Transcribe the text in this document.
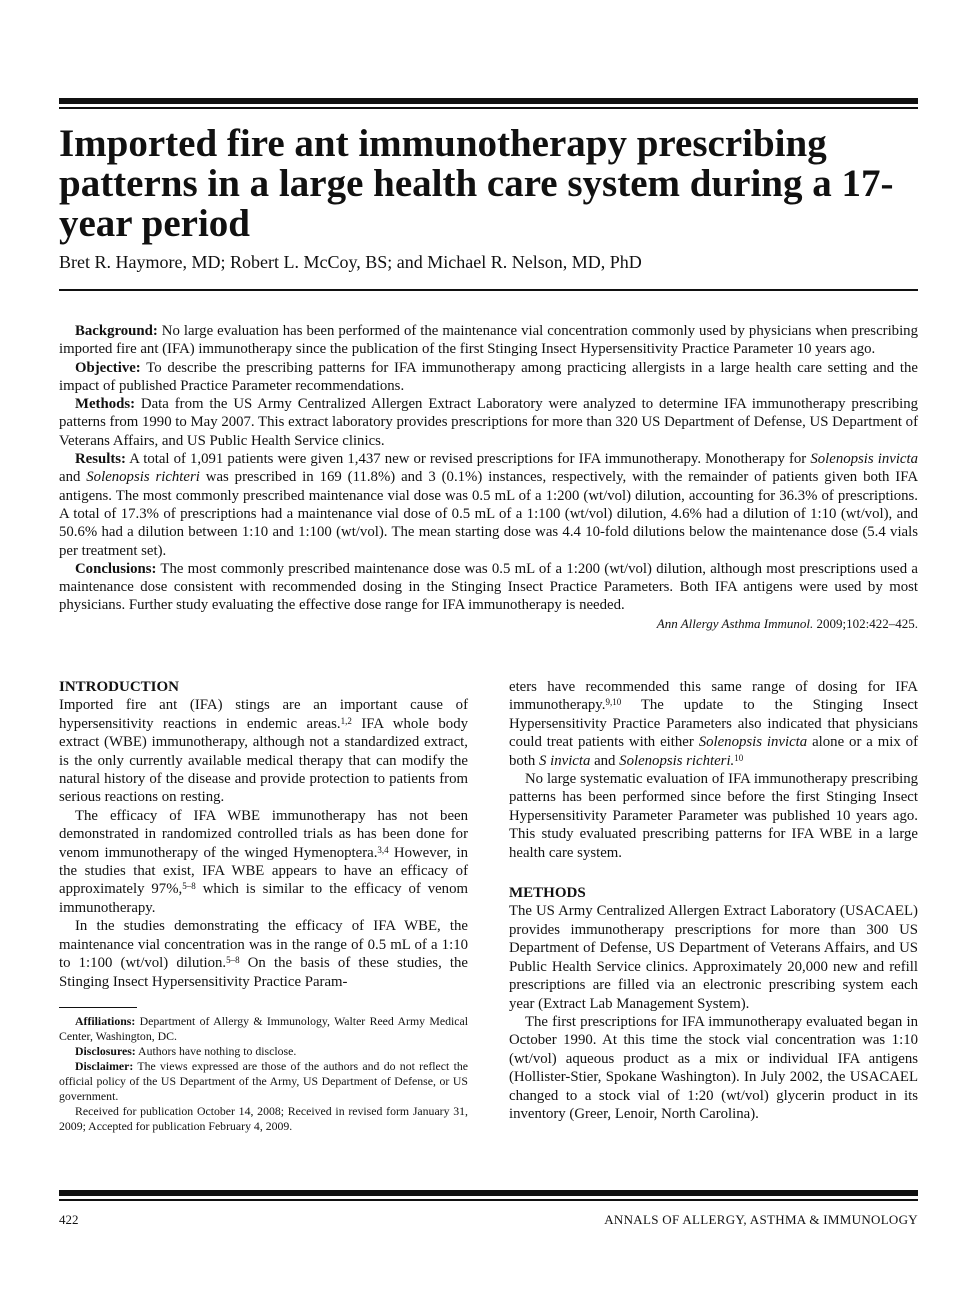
Imported fire ant immunotherapy prescribing patterns in a large health care system during a 17-year period

Bret R. Haymore, MD; Robert L. McCoy, BS; and Michael R. Nelson, MD, PhD

Background: No large evaluation has been performed of the maintenance vial concentration commonly used by physicians when prescribing imported fire ant (IFA) immunotherapy since the publication of the first Stinging Insect Hypersensitivity Practice Parameter 10 years ago.

Objective: To describe the prescribing patterns for IFA immunotherapy among practicing allergists in a large health care setting and the impact of published Practice Parameter recommendations.

Methods: Data from the US Army Centralized Allergen Extract Laboratory were analyzed to determine IFA immunotherapy prescribing patterns from 1990 to May 2007. This extract laboratory provides prescriptions for more than 320 US Department of Defense, US Department of Veterans Affairs, and US Public Health Service clinics.

Results: A total of 1,091 patients were given 1,437 new or revised prescriptions for IFA immunotherapy. Monotherapy for Solenopsis invicta and Solenopsis richteri was prescribed in 169 (11.8%) and 3 (0.1%) instances, respectively, with the remainder of patients given both IFA antigens. The most commonly prescribed maintenance vial dose was 0.5 mL of a 1:200 (wt/vol) dilution, accounting for 36.3% of prescriptions. A total of 17.3% of prescriptions had a maintenance vial dose of 0.5 mL of a 1:100 (wt/vol) dilution, 4.6% had a dilution of 1:10 (wt/vol), and 50.6% had a dilution between 1:10 and 1:100 (wt/vol). The mean starting dose was 4.4 10-fold dilutions below the maintenance dose (5.4 vials per treatment set).

Conclusions: The most commonly prescribed maintenance dose was 0.5 mL of a 1:200 (wt/vol) dilution, although most prescriptions used a maintenance dose consistent with recommended dosing in the Stinging Insect Practice Parameters. Both IFA antigens were used by most physicians. Further study evaluating the effective dose range for IFA immunotherapy is needed.

Ann Allergy Asthma Immunol. 2009;102:422–425.

INTRODUCTION

Imported fire ant (IFA) stings are an important cause of hypersensitivity reactions in endemic areas.$^{1,2}$ IFA whole body extract (WBE) immunotherapy, although not a standardized extract, is the only currently available medical therapy that can modify the natural history of the disease and provide protection to patients from serious reactions on resting.

The efficacy of IFA WBE immunotherapy has not been demonstrated in randomized controlled trials as has been done for venom immunotherapy of the winged Hymenoptera.$^{3,4}$ However, in the studies that exist, IFA WBE appears to have an efficacy of approximately 97%,$^{5-8}$ which is similar to the efficacy of venom immunotherapy.

In the studies demonstrating the efficacy of IFA WBE, the maintenance vial concentration was in the range of 0.5 mL of a 1:10 to 1:100 (wt/vol) dilution.$^{5-8}$ On the basis of these studies, the Stinging Insect Hypersensitivity Practice Param-

Affiliations: Department of Allergy & Immunology, Walter Reed Army Medical Center, Washington, DC.

Disclosures: Authors have nothing to disclose.

Disclaimer: The views expressed are those of the authors and do not reflect the official policy of the US Department of the Army, US Department of Defense, or US government.

Received for publication October 14, 2008; Received in revised form January 31, 2009; Accepted for publication February 4, 2009.

eters have recommended this same range of dosing for IFA immunotherapy.$^{9,10}$ The update to the Stinging Insect Hypersensitivity Practice Parameters also indicated that physicians could treat patients with either Solenopsis invicta alone or a mix of both S invicta and Solenopsis richteri.$^{10}$

No large systematic evaluation of IFA immunotherapy prescribing patterns has been performed since before the first Stinging Insect Hypersensitivity Parameter Parameter was published 10 years ago. This study evaluated prescribing patterns for IFA WBE in a large health care system.

METHODS

The US Army Centralized Allergen Extract Laboratory (USACAEL) provides immunotherapy prescriptions for more than 300 US Department of Defense, US Department of Veterans Affairs, and US Public Health Service clinics. Approximately 20,000 new and refill prescriptions are filled via an electronic prescribing system each year (Extract Lab Management System).

The first prescriptions for IFA immunotherapy evaluated began in October 1990. At this time the stock vial concentration was 1:10 (wt/vol) aqueous product as a mix or individual IFA antigens (Hollister-Stier, Spokane Washington). In July 2002, the USACAEL changed to a stock vial of 1:20 (wt/vol) glycerin product in its inventory (Greer, Lenoir, North Carolina).

422	ANNALS OF ALLERGY, ASTHMA & IMMUNOLOGY
